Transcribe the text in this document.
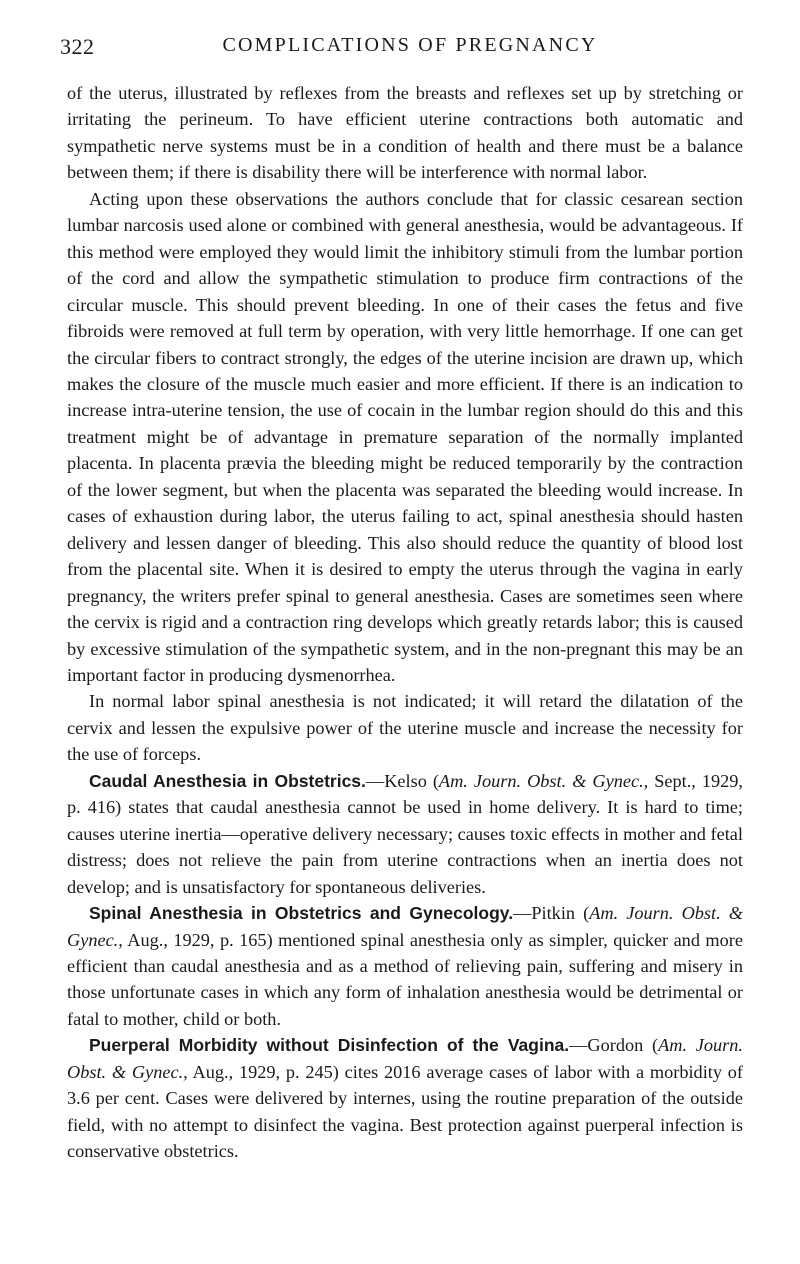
322	COMPLICATIONS OF PREGNANCY

of the uterus, illustrated by reflexes from the breasts and reflexes set up by stretching or irritating the perineum. To have efficient uterine contractions both automatic and sympathetic nerve systems must be in a condition of health and there must be a balance between them; if there is disability there will be interference with normal labor.

Acting upon these observations the authors conclude that for classic cesarean section lumbar narcosis used alone or combined with general anesthesia, would be advantageous. If this method were employed they would limit the inhibitory stimuli from the lumbar portion of the cord and allow the sympathetic stimulation to produce firm contractions of the circular muscle. This should prevent bleeding. In one of their cases the fetus and five fibroids were removed at full term by operation, with very little hemorrhage. If one can get the circular fibers to contract strongly, the edges of the uterine incision are drawn up, which makes the closure of the muscle much easier and more efficient. If there is an indication to increase intra-uterine tension, the use of cocain in the lumbar region should do this and this treatment might be of advantage in premature separation of the normally implanted placenta. In placenta prævia the bleeding might be reduced temporarily by the contraction of the lower segment, but when the placenta was separated the bleeding would increase. In cases of exhaustion during labor, the uterus failing to act, spinal anesthesia should hasten delivery and lessen danger of bleeding. This also should reduce the quantity of blood lost from the placental site. When it is desired to empty the uterus through the vagina in early pregnancy, the writers prefer spinal to general anesthesia. Cases are sometimes seen where the cervix is rigid and a contraction ring develops which greatly retards labor; this is caused by excessive stimulation of the sympathetic system, and in the non-pregnant this may be an important factor in producing dysmenorrhea.

In normal labor spinal anesthesia is not indicated; it will retard the dilatation of the cervix and lessen the expulsive power of the uterine muscle and increase the necessity for the use of forceps.

Caudal Anesthesia in Obstetrics.—Kelso (Am. Journ. Obst. & Gynec., Sept., 1929, p. 416) states that caudal anesthesia cannot be used in home delivery. It is hard to time; causes uterine inertia—operative delivery necessary; causes toxic effects in mother and fetal distress; does not relieve the pain from uterine contractions when an inertia does not develop; and is unsatisfactory for spontaneous deliveries.

Spinal Anesthesia in Obstetrics and Gynecology.—Pitkin (Am. Journ. Obst. & Gynec., Aug., 1929, p. 165) mentioned spinal anesthesia only as simpler, quicker and more efficient than caudal anesthesia and as a method of relieving pain, suffering and misery in those unfortunate cases in which any form of inhalation anesthesia would be detrimental or fatal to mother, child or both.

Puerperal Morbidity without Disinfection of the Vagina.—Gordon (Am. Journ. Obst. & Gynec., Aug., 1929, p. 245) cites 2016 average cases of labor with a morbidity of 3.6 per cent. Cases were delivered by internes, using the routine preparation of the outside field, with no attempt to disinfect the vagina. Best protection against puerperal infection is conservative obstetrics.
